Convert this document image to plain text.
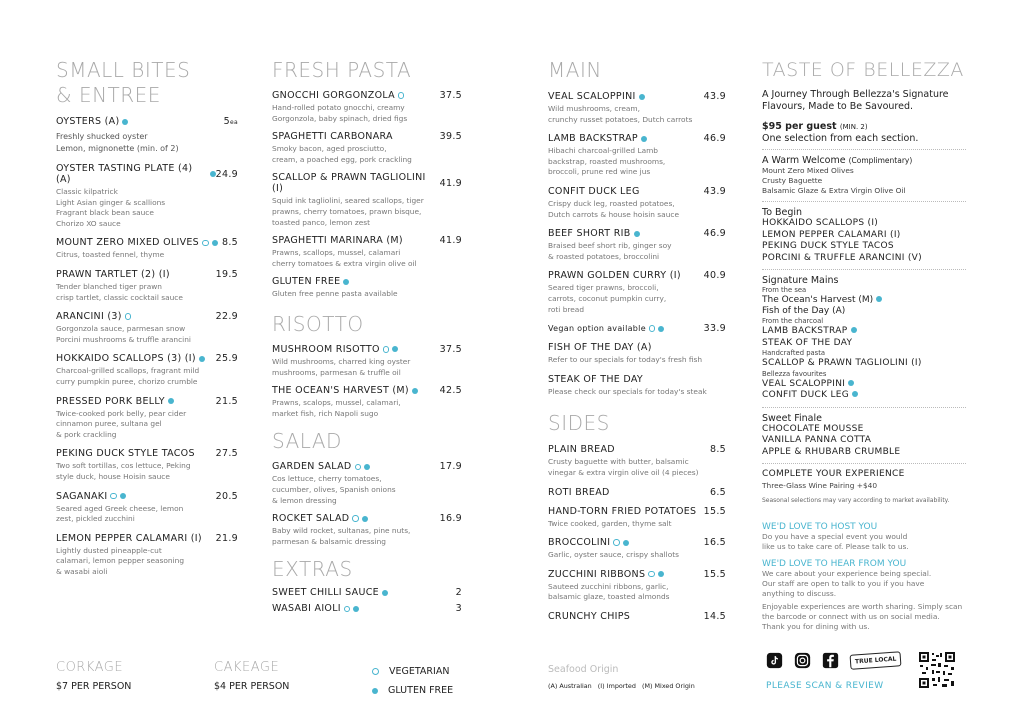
SMALL BITES
& ENTREE
OYSTERS (A)	5ea
Freshly shucked oyster
Lemon, mignonette (min. of 2)
OYSTER TASTING PLATE (4) (A)	24.9
Classic kilpatrick
Light Asian ginger & scallions
Fragrant black bean sauce
Chorizo XO sauce
MOUNT ZERO MIXED OLIVES 8.5
Citrus, toasted fennel, thyme
PRAWN TARTLET (2) (I)	19.5
Tender blanched tiger prawn
crisp tartlet, classic cocktail sauce
ARANCINI (3)	22.9
Gorgonzola sauce, parmesan snow
Porcini mushrooms & truffle arancini
HOKKAIDO SCALLOPS (3) (I) 25.9
Charcoal-grilled scallops, fragrant mild
curry pumpkin puree, chorizo crumble
PRESSED PORK BELLY	21.5
Twice-cooked pork belly, pear cider
cinnamon puree, sultana gel
& pork crackling
PEKING DUCK STYLE TACOS 27.5
Two soft tortillas, cos lettuce, Peking
style duck, house Hoisin sauce
SAGANAKI	20.5
Seared aged Greek cheese, lemon
zest, pickled zucchini
LEMON PEPPER CALAMARI (I) 21.9
Lightly dusted pineapple-cut
calamari, lemon pepper seasoning
& wasabi aioli
FRESH PASTA
GNOCCHI GORGONZOLA	37.5
Hand-rolled potato gnocchi, creamy
Gorgonzola, baby spinach, dried figs
SPAGHETTI CARBONARA	39.5
Smoky bacon, aged prosciutto,
cream, a poached egg, pork crackling
SCALLOP & PRAWN TAGLIOLINI (I)	41.9
Squid ink tagliolini, seared scallops, tiger
prawns, cherry tomatoes, prawn bisque,
toasted panco, lemon zest
SPAGHETTI MARINARA (M)	41.9
Prawns, scallops, mussel, calamari
cherry tomatoes & extra virgin olive oil
GLUTEN FREE
Gluten free penne pasta available
RISOTTO
MUSHROOM RISOTTO	37.5
Wild mushrooms, charred king oyster
mushrooms, parmesan & truffle oil
THE OCEAN'S HARVEST (M)	42.5
Prawns, scalops, mussel, calamari,
market fish, rich Napoli sugo
SALAD
GARDEN SALAD	17.9
Cos lettuce, cherry tomatoes,
cucumber, olives, Spanish onions
& lemon dressing
ROCKET SALAD	16.9
Baby wild rocket, sultanas, pine nuts,
parmesan & balsamic dressing
EXTRAS
SWEET CHILLI SAUCE	2
WASABI AIOLI	3
MAIN
VEAL SCALOPPINI	43.9
Wild mushrooms, cream,
crunchy russet potatoes, Dutch carrots
LAMB BACKSTRAP	46.9
Hibachi charcoal-grilled Lamb
backstrap, roasted mushrooms,
broccoli, prune red wine jus
CONFIT DUCK LEG	43.9
Crispy duck leg, roasted potatoes,
Dutch carrots & house hoisin sauce
BEEF SHORT RIB	46.9
Braised beef short rib, ginger soy
& roasted potatoes, broccolini
PRAWN GOLDEN CURRY (I) 40.9
Seared tiger prawns, broccoli,
carrots, coconut pumpkin curry,
roti bread
Vegan option available	33.9
FISH OF THE DAY (A)
Refer to our specials for today's fresh fish
STEAK OF THE DAY
Please check our specials for today's steak
SIDES
PLAIN BREAD	8.5
Crusty baguette with butter, balsamic
vinegar & extra virgin olive oil (4 pieces)
ROTI BREAD	6.5
HAND-TORN FRIED POTATOES 15.5
Twice cooked, garden, thyme salt
BROCCOLINI	16.5
Garlic, oyster sauce, crispy shallots
ZUCCHINI RIBBONS	15.5
Sauteed zucchini ribbons, garlic,
balsamic glaze, toasted almonds
CRUNCHY CHIPS	14.5
TASTE OF BELLEZZA
A Journey Through Bellezza's Signature Flavours, Made to Be Savoured.
$95 per guest (MIN. 2)
One selection from each section.
A Warm Welcome (Complimentary)
Mount Zero Mixed Olives
Crusty Baguette
Balsamic Glaze & Extra Virgin Olive Oil
To Begin
HOKKAIDO SCALLOPS (I)
LEMON PEPPER CALAMARI (I)
PEKING DUCK STYLE TACOS
PORCINI & TRUFFLE ARANCINI (V)
Signature Mains
From the sea
The Ocean's Harvest (M)
Fish of the Day (A)
From the charcoal
LAMB BACKSTRAP
STEAK OF THE DAY
Handcrafted pasta
SCALLOP & PRAWN TAGLIOLINI (I)
Bellezza favourites
VEAL SCALOPPINI
CONFIT DUCK LEG
Sweet Finale
CHOCOLATE MOUSSE
VANILLA PANNA COTTA
APPLE & RHUBARB CRUMBLE
COMPLETE YOUR EXPERIENCE
Three-Glass Wine Pairing +$40
Seasonal selections may vary according to market availability.
WE'D LOVE TO HOST YOU
Do you have a special event you would
like us to take care of. Please talk to us.
WE'D LOVE TO HEAR FROM YOU
We care about your experience being special.
Our staff are open to talk to you if you have
anything to discuss.
Enjoyable experiences are worth sharing. Simply scan
the barcode or connect with us on social media.
Thank you for dining with us.
TRUE LOCAL
PLEASE SCAN & REVIEW
CORKAGE
$7 PER PERSON
CAKEAGE
$4 PER PERSON
VEGETARIAN
GLUTEN FREE
Seafood Origin
(A) Australian   (I) Imported   (M) Mixed Origin
